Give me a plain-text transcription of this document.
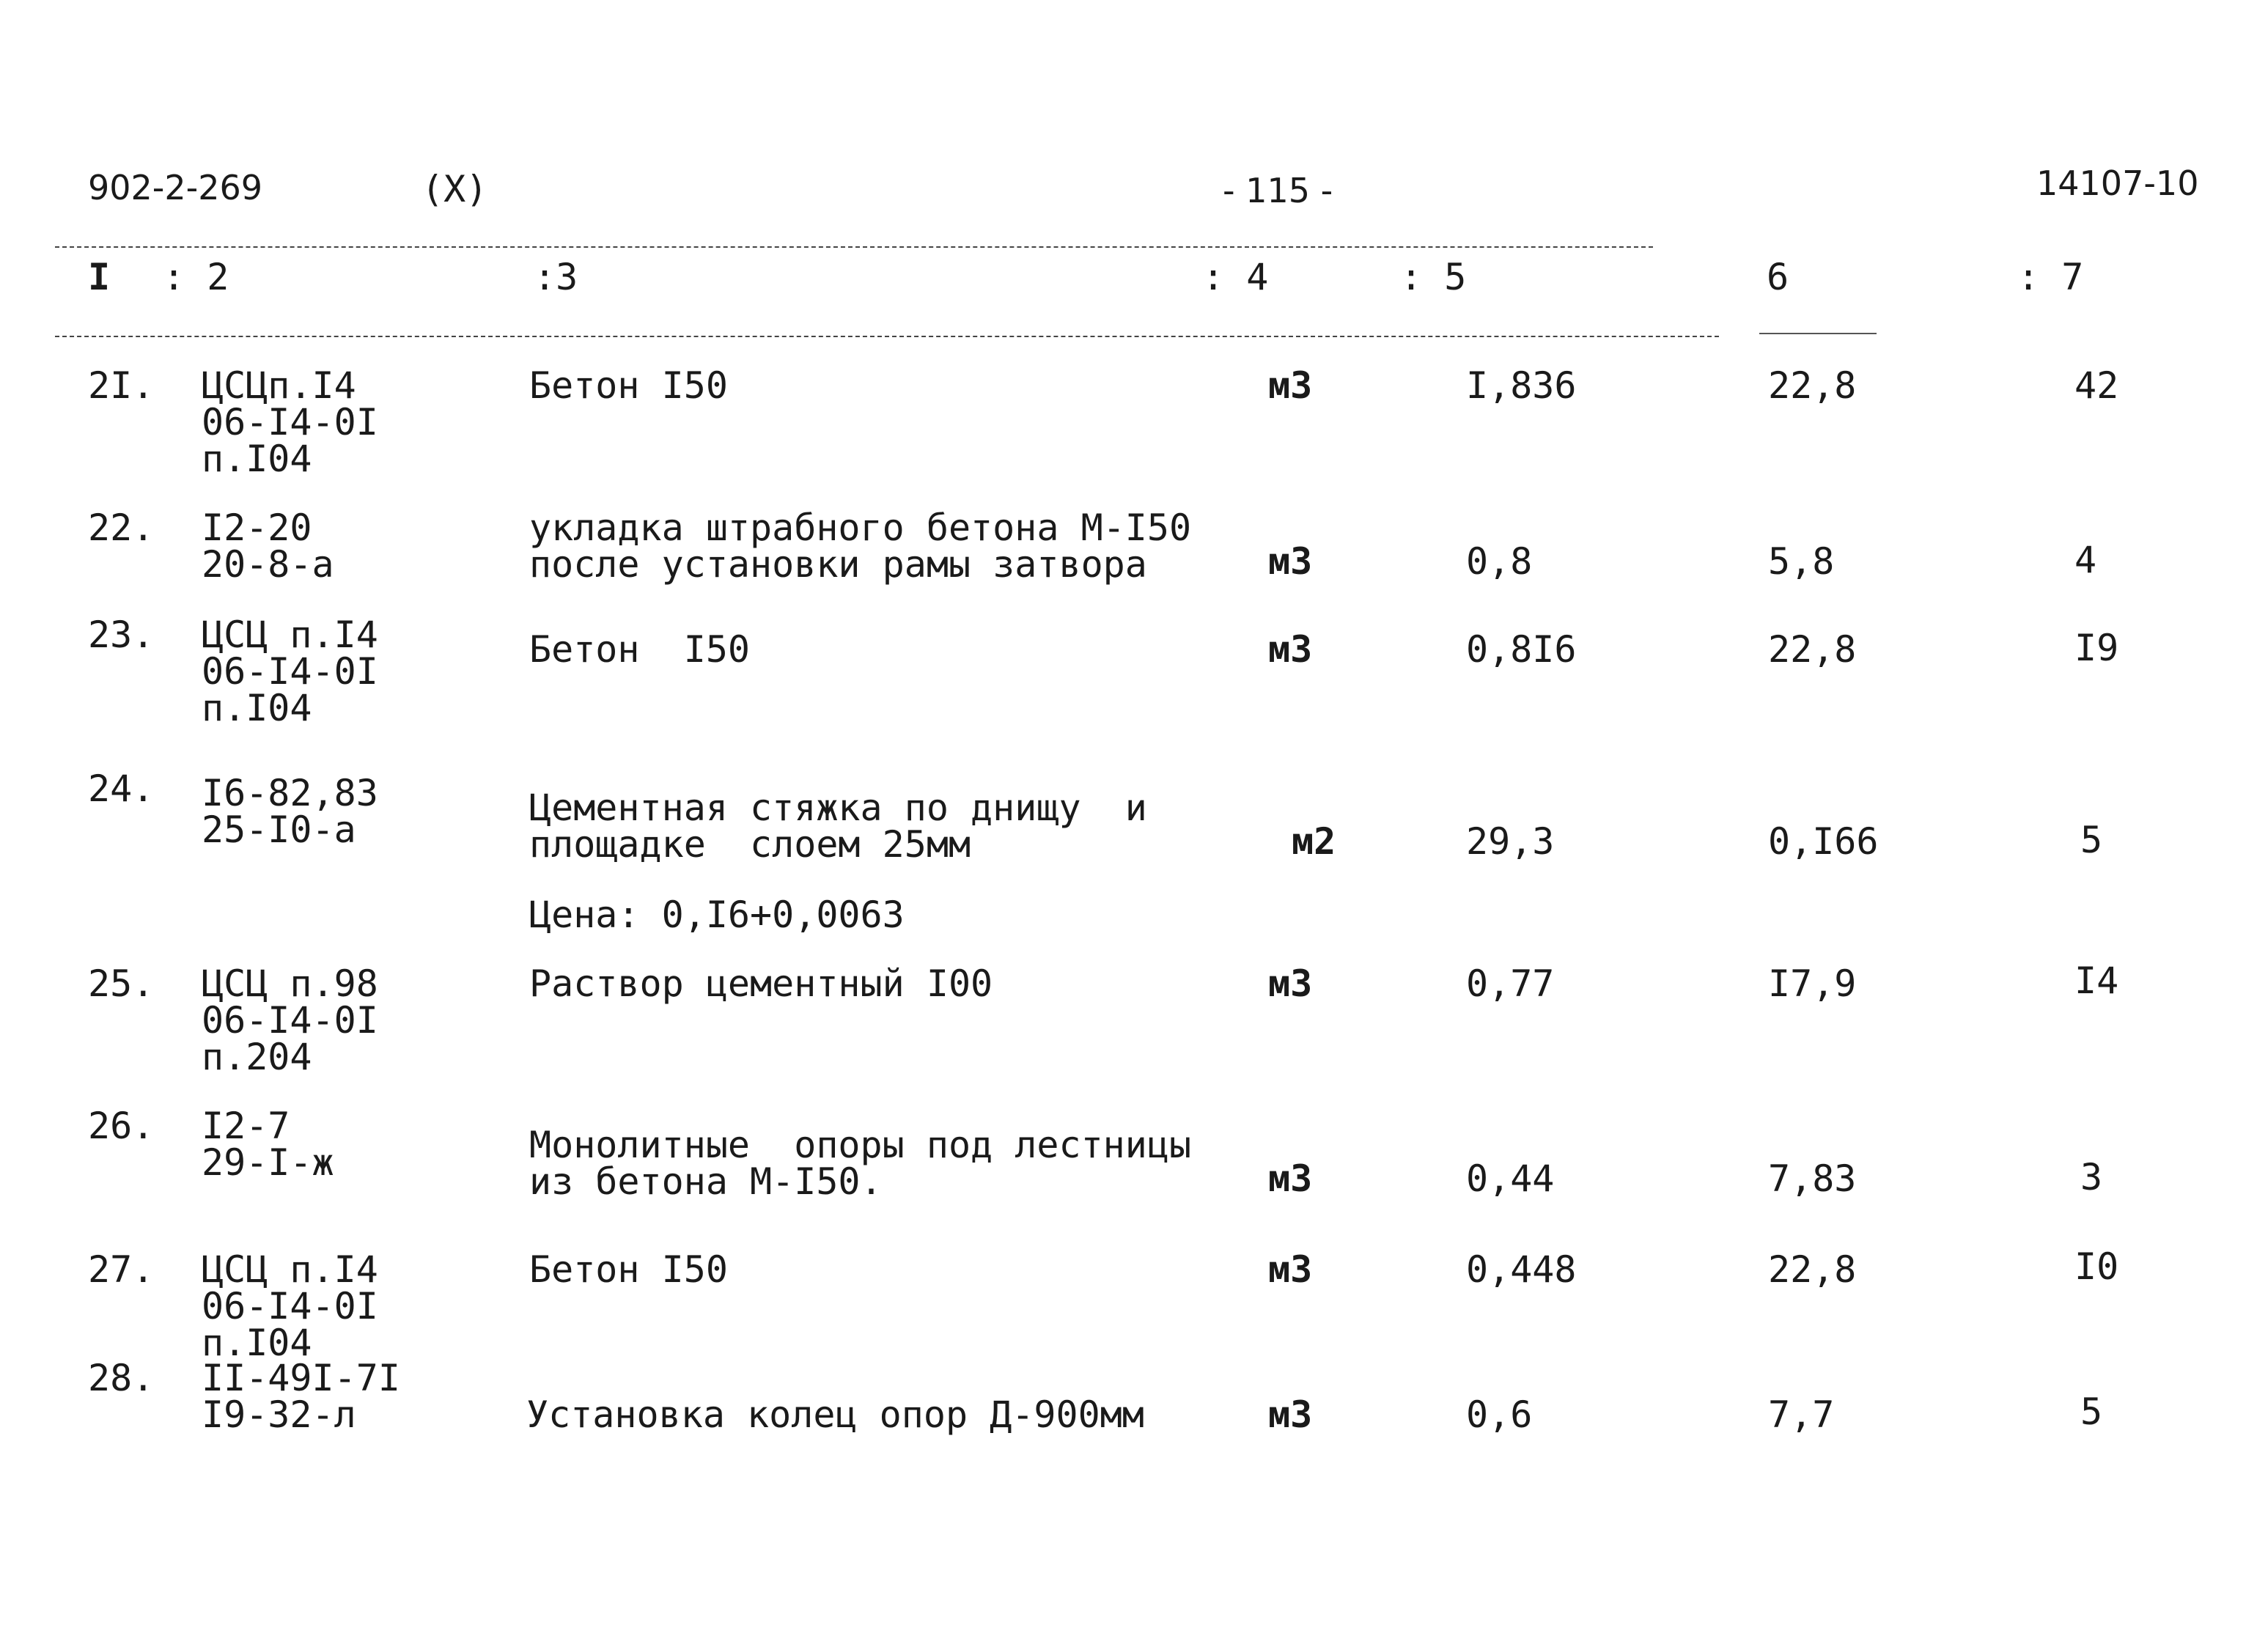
902-2-269	(X)	- 115 -	14107-10
I : 2	:3	: 4	: 5	6	: 7
2I. ЦСЦп.I4
06-I4-0I
п.I04
Бетон I50	м3	I,836	22,8	42
22. I2-20
20-8-а
укладка штрабного бетона М-I50
после установки рамы затвора	м3	0,8	5,8	4
23. ЦСЦ п.I4
06-I4-0I
п.I04
Бетон  I50	м3	0,8I6	22,8	I9
24. I6-82,83
25-I0-а
Цементная стяжка по днищу  и
площадке  слоем 25мм	м2	29,3	0,I66	5
Цена: 0,I6+0,0063
25. ЦСЦ п.98
06-I4-0I
п.204
Раствор цементный I00	м3	0,77	I7,9	I4
26. I2-7
29-I-ж	Монолитные  опоры под лестницы
из бетона М-I50.	м3	0,44	7,83	3
27. ЦСЦ п.I4
06-I4-0I
п.I04
Бетон I50	м3	0,448	22,8	I0
28. II-49I-7I
I9-32-л	Установка колец опор Д-900мм	м3	0,6	7,7	5
